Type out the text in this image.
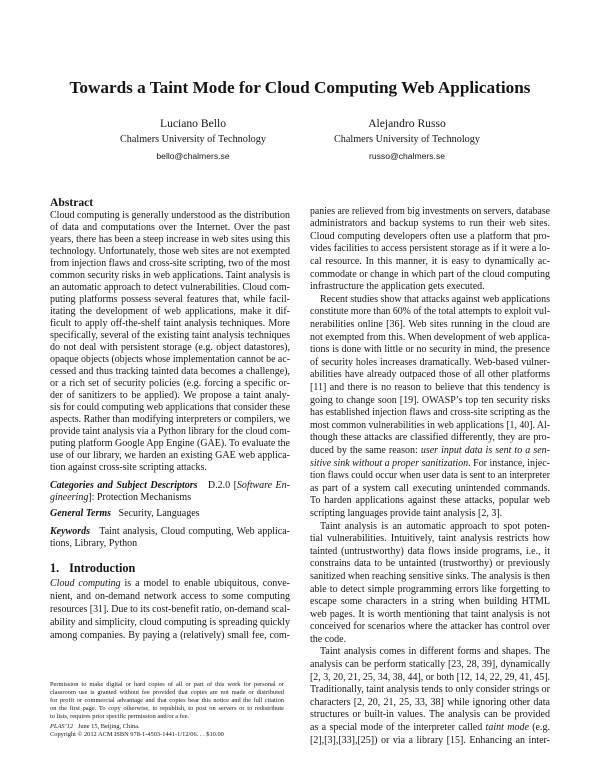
Towards a Taint Mode for Cloud Computing Web Applications
Luciano Bello
Chalmers University of Technology
bello@chalmers.se
Alejandro Russo
Chalmers University of Technology
russo@chalmers.se
Abstract
Cloud computing is generally understood as the distribution
of data and computations over the Internet. Over the past
years, there has been a steep increase in web sites using this
technology. Unfortunately, those web sites are not exempted
from injection flaws and cross-site scripting, two of the most
common security risks in web applications. Taint analysis is
an automatic approach to detect vulnerabilities. Cloud com-
puting platforms possess several features that, while facil-
itating the development of web applications, make it dif-
ficult to apply off-the-shelf taint analysis techniques. More
specifically, several of the existing taint analysis techniques
do not deal with persistent storage (e.g. object datastores),
opaque objects (objects whose implementation cannot be ac-
cessed and thus tracking tainted data becomes a challenge),
or a rich set of security policies (e.g. forcing a specific or-
der of sanitizers to be applied). We propose a taint analy-
sis for could computing web applications that consider these
aspects. Rather than modifying interpreters or compilers, we
provide taint analysis via a Python library for the cloud com-
puting platform Google App Engine (GAE). To evaluate the
use of our library, we harden an existing GAE web applica-
tion against cross-site scripting attacks.
Categories and Subject Descriptors   D.2.0 [Software En-
gineering]: Protection Mechanisms
General Terms   Security, Languages
Keywords   Taint analysis, Cloud computing, Web applica-
tions, Library, Python
1. Introduction
Cloud computing is a model to enable ubiquitous, conve-
nient, and on-demand network access to some computing
resources [31]. Due to its cost-benefit ratio, on-demand scal-
ability and simplicity, cloud computing is spreading quickly
among companies. By paying a (relatively) small fee, com-
Permission to make digital or hard copies of all or part of this work for personal or
classroom use is granted without fee provided that copies are not made or distributed
for profit or commercial advantage and that copies bear this notice and the full citation
on the first page. To copy otherwise, to republish, to post on servers or to redistribute
to lists, requires prior specific permission and/or a fee.
PLAS’12   June 15, Beijing, China.
Copyright © 2012 ACM ISBN 978-1-4503-1441-1/12/06. . . $10.00
panies are relieved from big investments on servers, database
administrators and backup systems to run their web sites.
Cloud computing developers often use a platform that pro-
vides facilities to access persistent storage as if it were a lo-
cal resource. In this manner, it is easy to dynamically ac-
commodate or change in which part of the cloud computing
infrastructure the application gets executed.
Recent studies show that attacks against web applications
constitute more than 60% of the total attempts to exploit vul-
nerabilities online [36]. Web sites running in the cloud are
not exempted from this. When development of web applica-
tions is done with little or no security in mind, the presence
of security holes increases dramatically. Web-based vulner-
abilities have already outpaced those of all other platforms
[11] and there is no reason to believe that this tendency is
going to change soon [19]. OWASP’s top ten security risks
has established injection flaws and cross-site scripting as the
most common vulnerabilities in web applications [1, 40]. Al-
though these attacks are classified differently, they are pro-
duced by the same reason: user input data is sent to a sen-
sitive sink without a proper sanitization. For instance, injec-
tion flaws could occur when user data is sent to an interpreter
as part of a system call executing unintended commands.
To harden applications against these attacks, popular web
scripting languages provide taint analysis [2, 3].
Taint analysis is an automatic approach to spot poten-
tial vulnerabilities. Intuitively, taint analysis restricts how
tainted (untrustworthy) data flows inside programs, i.e., it
constrains data to be untainted (trustworthy) or previously
sanitized when reaching sensitive sinks. The analysis is then
able to detect simple programming errors like forgetting to
escape some characters in a string when building HTML
web pages. It is worth mentioning that taint analysis is not
conceived for scenarios where the attacker has control over
the code.
Taint analysis comes in different forms and shapes. The
analysis can be perform statically [23, 28, 39], dynamically
[2, 3, 20, 21, 25, 34, 38, 44], or both [12, 14, 22, 29, 41, 45].
Traditionally, taint analysis tends to only consider strings or
characters [2, 20, 21, 25, 33, 38] while ignoring other data
structures or built-in values. The analysis can be provided
as a special mode of the interpreter called taint mode (e.g.
[2],[3],[33],[25]) or via a library [15]. Enhancing an inter-
